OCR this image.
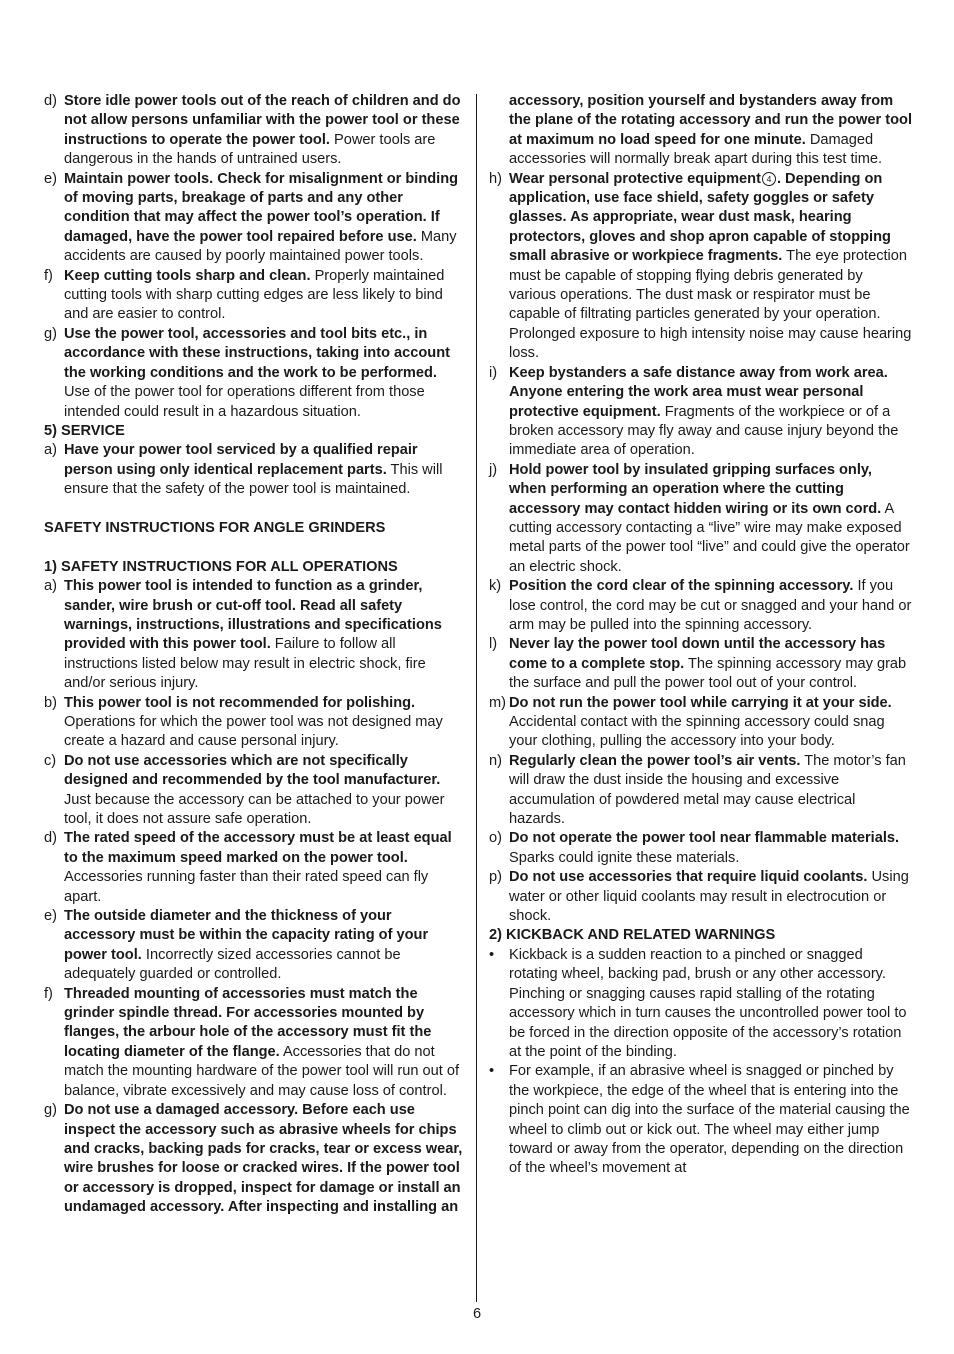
d) Store idle power tools out of the reach of children and do not allow persons unfamiliar with the power tool or these instructions to operate the power tool. Power tools are dangerous in the hands of untrained users.
e) Maintain power tools. Check for misalignment or binding of moving parts, breakage of parts and any other condition that may affect the power tool’s operation. If damaged, have the power tool repaired before use. Many accidents are caused by poorly maintained power tools.
f) Keep cutting tools sharp and clean. Properly maintained cutting tools with sharp cutting edges are less likely to bind and are easier to control.
g) Use the power tool, accessories and tool bits etc., in accordance with these instructions, taking into account the working conditions and the work to be performed. Use of the power tool for operations different from those intended could result in a hazardous situation.
5) SERVICE
a) Have your power tool serviced by a qualified repair person using only identical replacement parts. This will ensure that the safety of the power tool is maintained.
SAFETY INSTRUCTIONS FOR ANGLE GRINDERS
1) SAFETY INSTRUCTIONS FOR ALL OPERATIONS
a) This power tool is intended to function as a grinder, sander, wire brush or cut-off tool. Read all safety warnings, instructions, illustrations and specifications provided with this power tool. Failure to follow all instructions listed below may result in electric shock, fire and/or serious injury.
b) This power tool is not recommended for polishing. Operations for which the power tool was not designed may create a hazard and cause personal injury.
c) Do not use accessories which are not specifically designed and recommended by the tool manufacturer. Just because the accessory can be attached to your power tool, it does not assure safe operation.
d) The rated speed of the accessory must be at least equal to the maximum speed marked on the power tool. Accessories running faster than their rated speed can fly apart.
e) The outside diameter and the thickness of your accessory must be within the capacity rating of your power tool. Incorrectly sized accessories cannot be adequately guarded or controlled.
f) Threaded mounting of accessories must match the grinder spindle thread. For accessories mounted by flanges, the arbour hole of the accessory must fit the locating diameter of the flange. Accessories that do not match the mounting hardware of the power tool will run out of balance, vibrate excessively and may cause loss of control.
g) Do not use a damaged accessory. Before each use inspect the accessory such as abrasive wheels for chips and cracks, backing pads for cracks, tear or excess wear, wire brushes for loose or cracked wires. If the power tool or accessory is dropped, inspect for damage or install an undamaged accessory. After inspecting and installing an
accessory, position yourself and bystanders away from the plane of the rotating accessory and run the power tool at maximum no load speed for one minute. Damaged accessories will normally break apart during this test time.
h) Wear personal protective equipment 4 . Depending on application, use face shield, safety goggles or safety glasses. As appropriate, wear dust mask, hearing protectors, gloves and shop apron capable of stopping small abrasive or workpiece fragments. The eye protection must be capable of stopping flying debris generated by various operations. The dust mask or respirator must be capable of filtrating particles generated by your operation. Prolonged exposure to high intensity noise may cause hearing loss.
i) Keep bystanders a safe distance away from work area. Anyone entering the work area must wear personal protective equipment. Fragments of the workpiece or of a broken accessory may fly away and cause injury beyond the immediate area of operation.
j) Hold power tool by insulated gripping surfaces only, when performing an operation where the cutting accessory may contact hidden wiring or its own cord. A cutting accessory contacting a “live” wire may make exposed metal parts of the power tool “live” and could give the operator an electric shock.
k) Position the cord clear of the spinning accessory. If you lose control, the cord may be cut or snagged and your hand or arm may be pulled into the spinning accessory.
l) Never lay the power tool down until the accessory has come to a complete stop. The spinning accessory may grab the surface and pull the power tool out of your control.
m) Do not run the power tool while carrying it at your side. Accidental contact with the spinning accessory could snag your clothing, pulling the accessory into your body.
n) Regularly clean the power tool’s air vents. The motor’s fan will draw the dust inside the housing and excessive accumulation of powdered metal may cause electrical hazards.
o) Do not operate the power tool near flammable materials. Sparks could ignite these materials.
p) Do not use accessories that require liquid coolants. Using water or other liquid coolants may result in electrocution or shock.
2) KICKBACK AND RELATED WARNINGS
•	Kickback is a sudden reaction to a pinched or snagged rotating wheel, backing pad, brush or any other accessory. Pinching or snagging causes rapid stalling of the rotating accessory which in turn causes the uncontrolled power tool to be forced in the direction opposite of the accessory’s rotation at the point of the binding.
•	For example, if an abrasive wheel is snagged or pinched by the workpiece, the edge of the wheel that is entering into the pinch point can dig into the surface of the material causing the wheel to climb out or kick out. The wheel may either jump toward or away from the operator, depending on the direction of the wheel’s movement at
6
